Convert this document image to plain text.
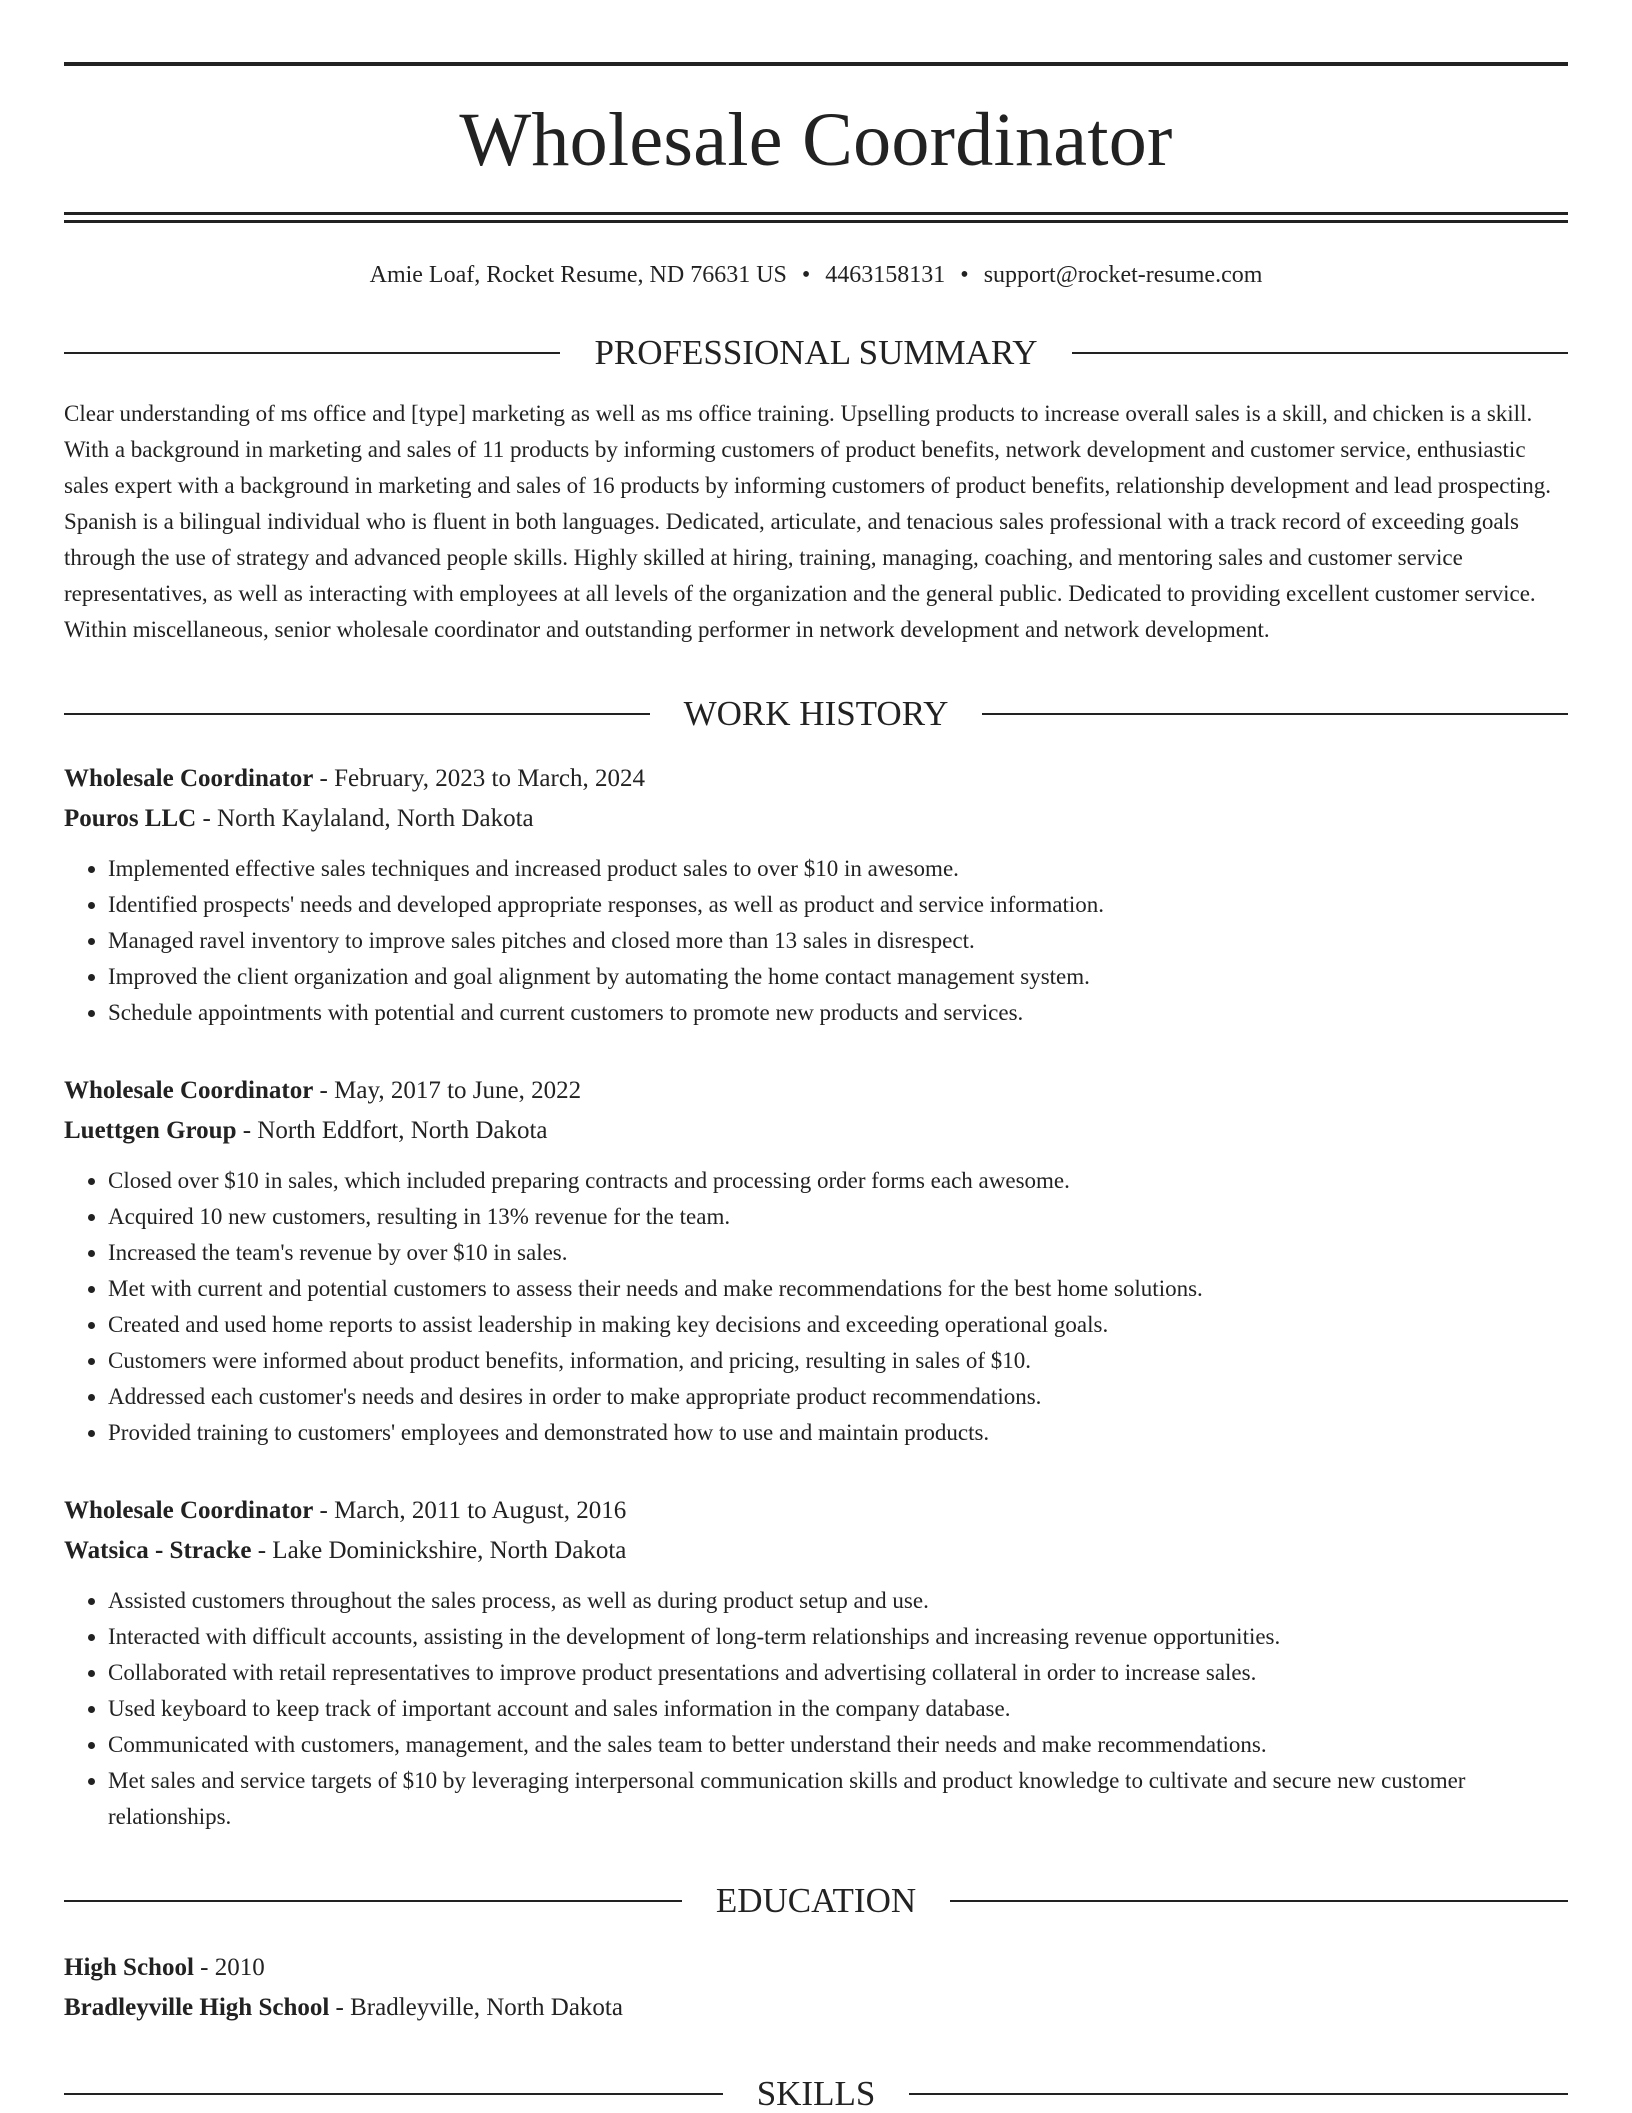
Wholesale Coordinator
Amie Loaf, Rocket Resume, ND 76631 US • 4463158131 • support@rocket-resume.com
PROFESSIONAL SUMMARY

Clear understanding of ms office and [type] marketing as well as ms office training. Upselling products to increase overall sales is a skill, and chicken is a skill. With a background in marketing and sales of 11 products by informing customers of product benefits, network development and customer service, enthusiastic sales expert with a background in marketing and sales of 16 products by informing customers of product benefits, relationship development and lead prospecting. Spanish is a bilingual individual who is fluent in both languages. Dedicated, articulate, and tenacious sales professional with a track record of exceeding goals through the use of strategy and advanced people skills. Highly skilled at hiring, training, managing, coaching, and mentoring sales and customer service representatives, as well as interacting with employees at all levels of the organization and the general public. Dedicated to providing excellent customer service. Within miscellaneous, senior wholesale coordinator and outstanding performer in network development and network development.

WORK HISTORY
Wholesale Coordinator - February, 2023 to March, 2024
Pouros LLC - North Kaylaland, North Dakota
• Implemented effective sales techniques and increased product sales to over $10 in awesome.
• Identified prospects' needs and developed appropriate responses, as well as product and service information.
• Managed ravel inventory to improve sales pitches and closed more than 13 sales in disrespect.
• Improved the client organization and goal alignment by automating the home contact management system.
• Schedule appointments with potential and current customers to promote new products and services.
Wholesale Coordinator - May, 2017 to June, 2022
Luettgen Group - North Eddfort, North Dakota
• Closed over $10 in sales, which included preparing contracts and processing order forms each awesome.
• Acquired 10 new customers, resulting in 13% revenue for the team.
• Increased the team's revenue by over $10 in sales.
• Met with current and potential customers to assess their needs and make recommendations for the best home solutions.
• Created and used home reports to assist leadership in making key decisions and exceeding operational goals.
• Customers were informed about product benefits, information, and pricing, resulting in sales of $10.
• Addressed each customer's needs and desires in order to make appropriate product recommendations.
• Provided training to customers' employees and demonstrated how to use and maintain products.
Wholesale Coordinator - March, 2011 to August, 2016
Watsica - Stracke - Lake Dominickshire, North Dakota
• Assisted customers throughout the sales process, as well as during product setup and use.
• Interacted with difficult accounts, assisting in the development of long-term relationships and increasing revenue opportunities.
• Collaborated with retail representatives to improve product presentations and advertising collateral in order to increase sales.
• Used keyboard to keep track of important account and sales information in the company database.
• Communicated with customers, management, and the sales team to better understand their needs and make recommendations.
• Met sales and service targets of $10 by leveraging interpersonal communication skills and product knowledge to cultivate and secure new customer relationships.
EDUCATION
High School - 2010
Bradleyville High School - Bradleyville, North Dakota
SKILLS
